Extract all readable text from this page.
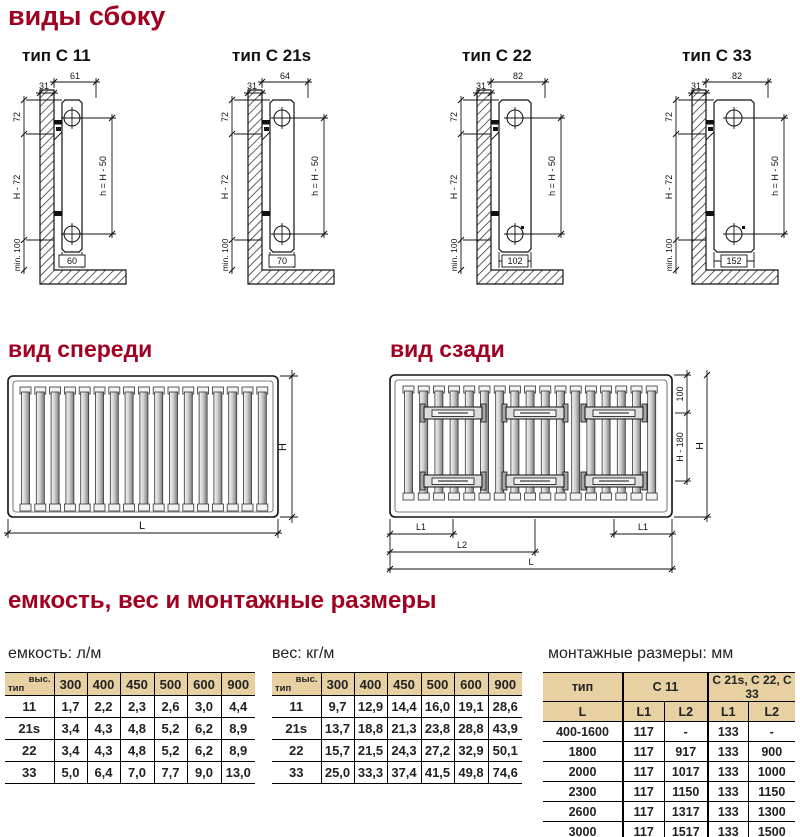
виды сбоку
тип C 11	тип C 21s	тип C 22	тип C 33
61
31
72
H - 72
min. 100	60
h = H - 50
64
31
72
H - 72
min. 100	70
h = H - 50
82
31
72
H - 72
min. 100	102
h = H - 50
82
31
72
H - 72
min. 100	152
h = H - 50
вид спереди	вид сзади
H
L
100
H - 180 H
L1	L1
L2
L
емкость, вес и монтажные размеры
емкость: л/м	вес: кг/м	монтажные размеры: мм
выс.
тип	300	400	450	500	600	900
11	1,7	2,2	2,3	2,6	3,0	4,4
21s	3,4	4,3	4,8	5,2	6,2	8,9
22	3,4	4,3	4,8	5,2	6,2	8,9
33	5,0	6,4	7,0	7,7	9,0	13,0
выс.
тип	300	400	450	500	600	900
11	9,7	12,9	14,4	16,0	19,1	28,6
21s	13,7	18,8	21,3	23,8	28,8	43,9
22	15,7	21,5	24,3	27,2	32,9	50,1
33	25,0	33,3	37,4	41,5	49,8	74,6
тип	C 11		C 21s, C 22, C 33	
L	L1	L2	L1	L2
400-1600	117	-	133	-
1800	117	917	133	900
2000	117	1017	133	1000
2300	117	1150	133	1150
2600	117	1317	133	1300
3000	117	1517	133	1500
